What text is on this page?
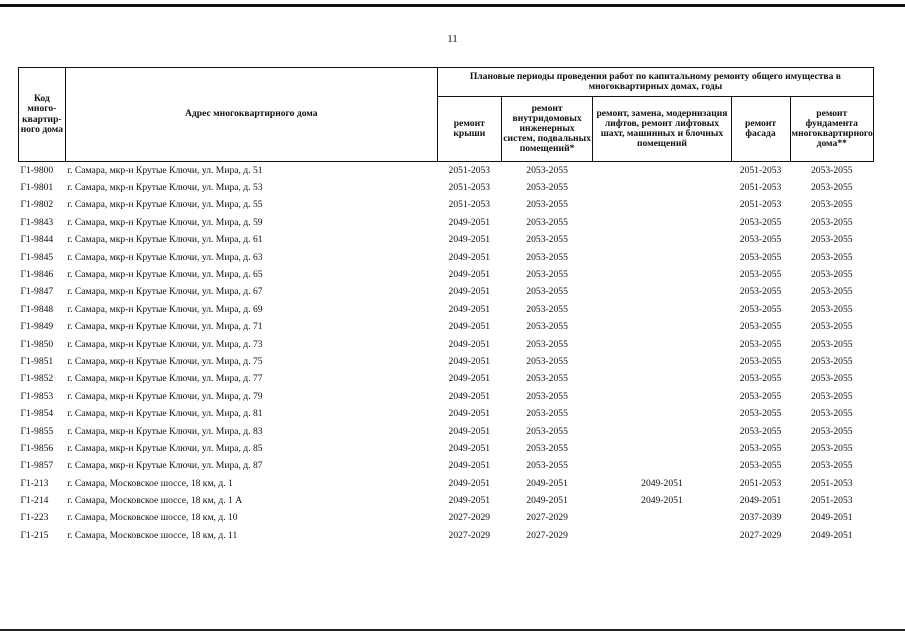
11
Код много-квартир-ного дома	Адрес многоквартирного дома	Плановые периоды проведения работ по капитальному ремонту общего имущества в многоквартирных домах, годы				
		ремонт крыши	ремонт внутридомовых инженерных систем, подвальных помещений*	ремонт, замена, модернизация лифтов, ремонт лифтовых шахт, машинных и блочных помещений	ремонт фасада	ремонт фундамента многоквартирного дома**
Г1-9800	г. Самара, мкр-н Крутые Ключи, ул. Мира, д. 51	2051-2053	2053-2055		2051-2053	2053-2055
Г1-9801	г. Самара, мкр-н Крутые Ключи, ул. Мира, д. 53	2051-2053	2053-2055		2051-2053	2053-2055
Г1-9802	г. Самара, мкр-н Крутые Ключи, ул. Мира, д. 55	2051-2053	2053-2055		2051-2053	2053-2055
Г1-9843	г. Самара, мкр-н Крутые Ключи, ул. Мира, д. 59	2049-2051	2053-2055		2053-2055	2053-2055
Г1-9844	г. Самара, мкр-н Крутые Ключи, ул. Мира, д. 61	2049-2051	2053-2055		2053-2055	2053-2055
Г1-9845	г. Самара, мкр-н Крутые Ключи, ул. Мира, д. 63	2049-2051	2053-2055		2053-2055	2053-2055
Г1-9846	г. Самара, мкр-н Крутые Ключи, ул. Мира, д. 65	2049-2051	2053-2055		2053-2055	2053-2055
Г1-9847	г. Самара, мкр-н Крутые Ключи, ул. Мира, д. 67	2049-2051	2053-2055		2053-2055	2053-2055
Г1-9848	г. Самара, мкр-н Крутые Ключи, ул. Мира, д. 69	2049-2051	2053-2055		2053-2055	2053-2055
Г1-9849	г. Самара, мкр-н Крутые Ключи, ул. Мира, д. 71	2049-2051	2053-2055		2053-2055	2053-2055
Г1-9850	г. Самара, мкр-н Крутые Ключи, ул. Мира, д. 73	2049-2051	2053-2055		2053-2055	2053-2055
Г1-9851	г. Самара, мкр-н Крутые Ключи, ул. Мира, д. 75	2049-2051	2053-2055		2053-2055	2053-2055
Г1-9852	г. Самара, мкр-н Крутые Ключи, ул. Мира, д. 77	2049-2051	2053-2055		2053-2055	2053-2055
Г1-9853	г. Самара, мкр-н Крутые Ключи, ул. Мира, д. 79	2049-2051	2053-2055		2053-2055	2053-2055
Г1-9854	г. Самара, мкр-н Крутые Ключи, ул. Мира, д. 81	2049-2051	2053-2055		2053-2055	2053-2055
Г1-9855	г. Самара, мкр-н Крутые Ключи, ул. Мира, д. 83	2049-2051	2053-2055		2053-2055	2053-2055
Г1-9856	г. Самара, мкр-н Крутые Ключи, ул. Мира, д. 85	2049-2051	2053-2055		2053-2055	2053-2055
Г1-9857	г. Самара, мкр-н Крутые Ключи, ул. Мира, д. 87	2049-2051	2053-2055		2053-2055	2053-2055
Г1-213	г. Самара, Московское шоссе, 18 км, д. 1	2049-2051	2049-2051	2049-2051	2051-2053	2051-2053
Г1-214	г. Самара, Московское шоссе, 18 км, д. 1 А	2049-2051	2049-2051	2049-2051	2049-2051	2051-2053
Г1-223	г. Самара, Московское шоссе, 18 км, д. 10	2027-2029	2027-2029		2037-2039	2049-2051
Г1-215	г. Самара, Московское шоссе, 18 км, д. 11	2027-2029	2027-2029		2027-2029	2049-2051
